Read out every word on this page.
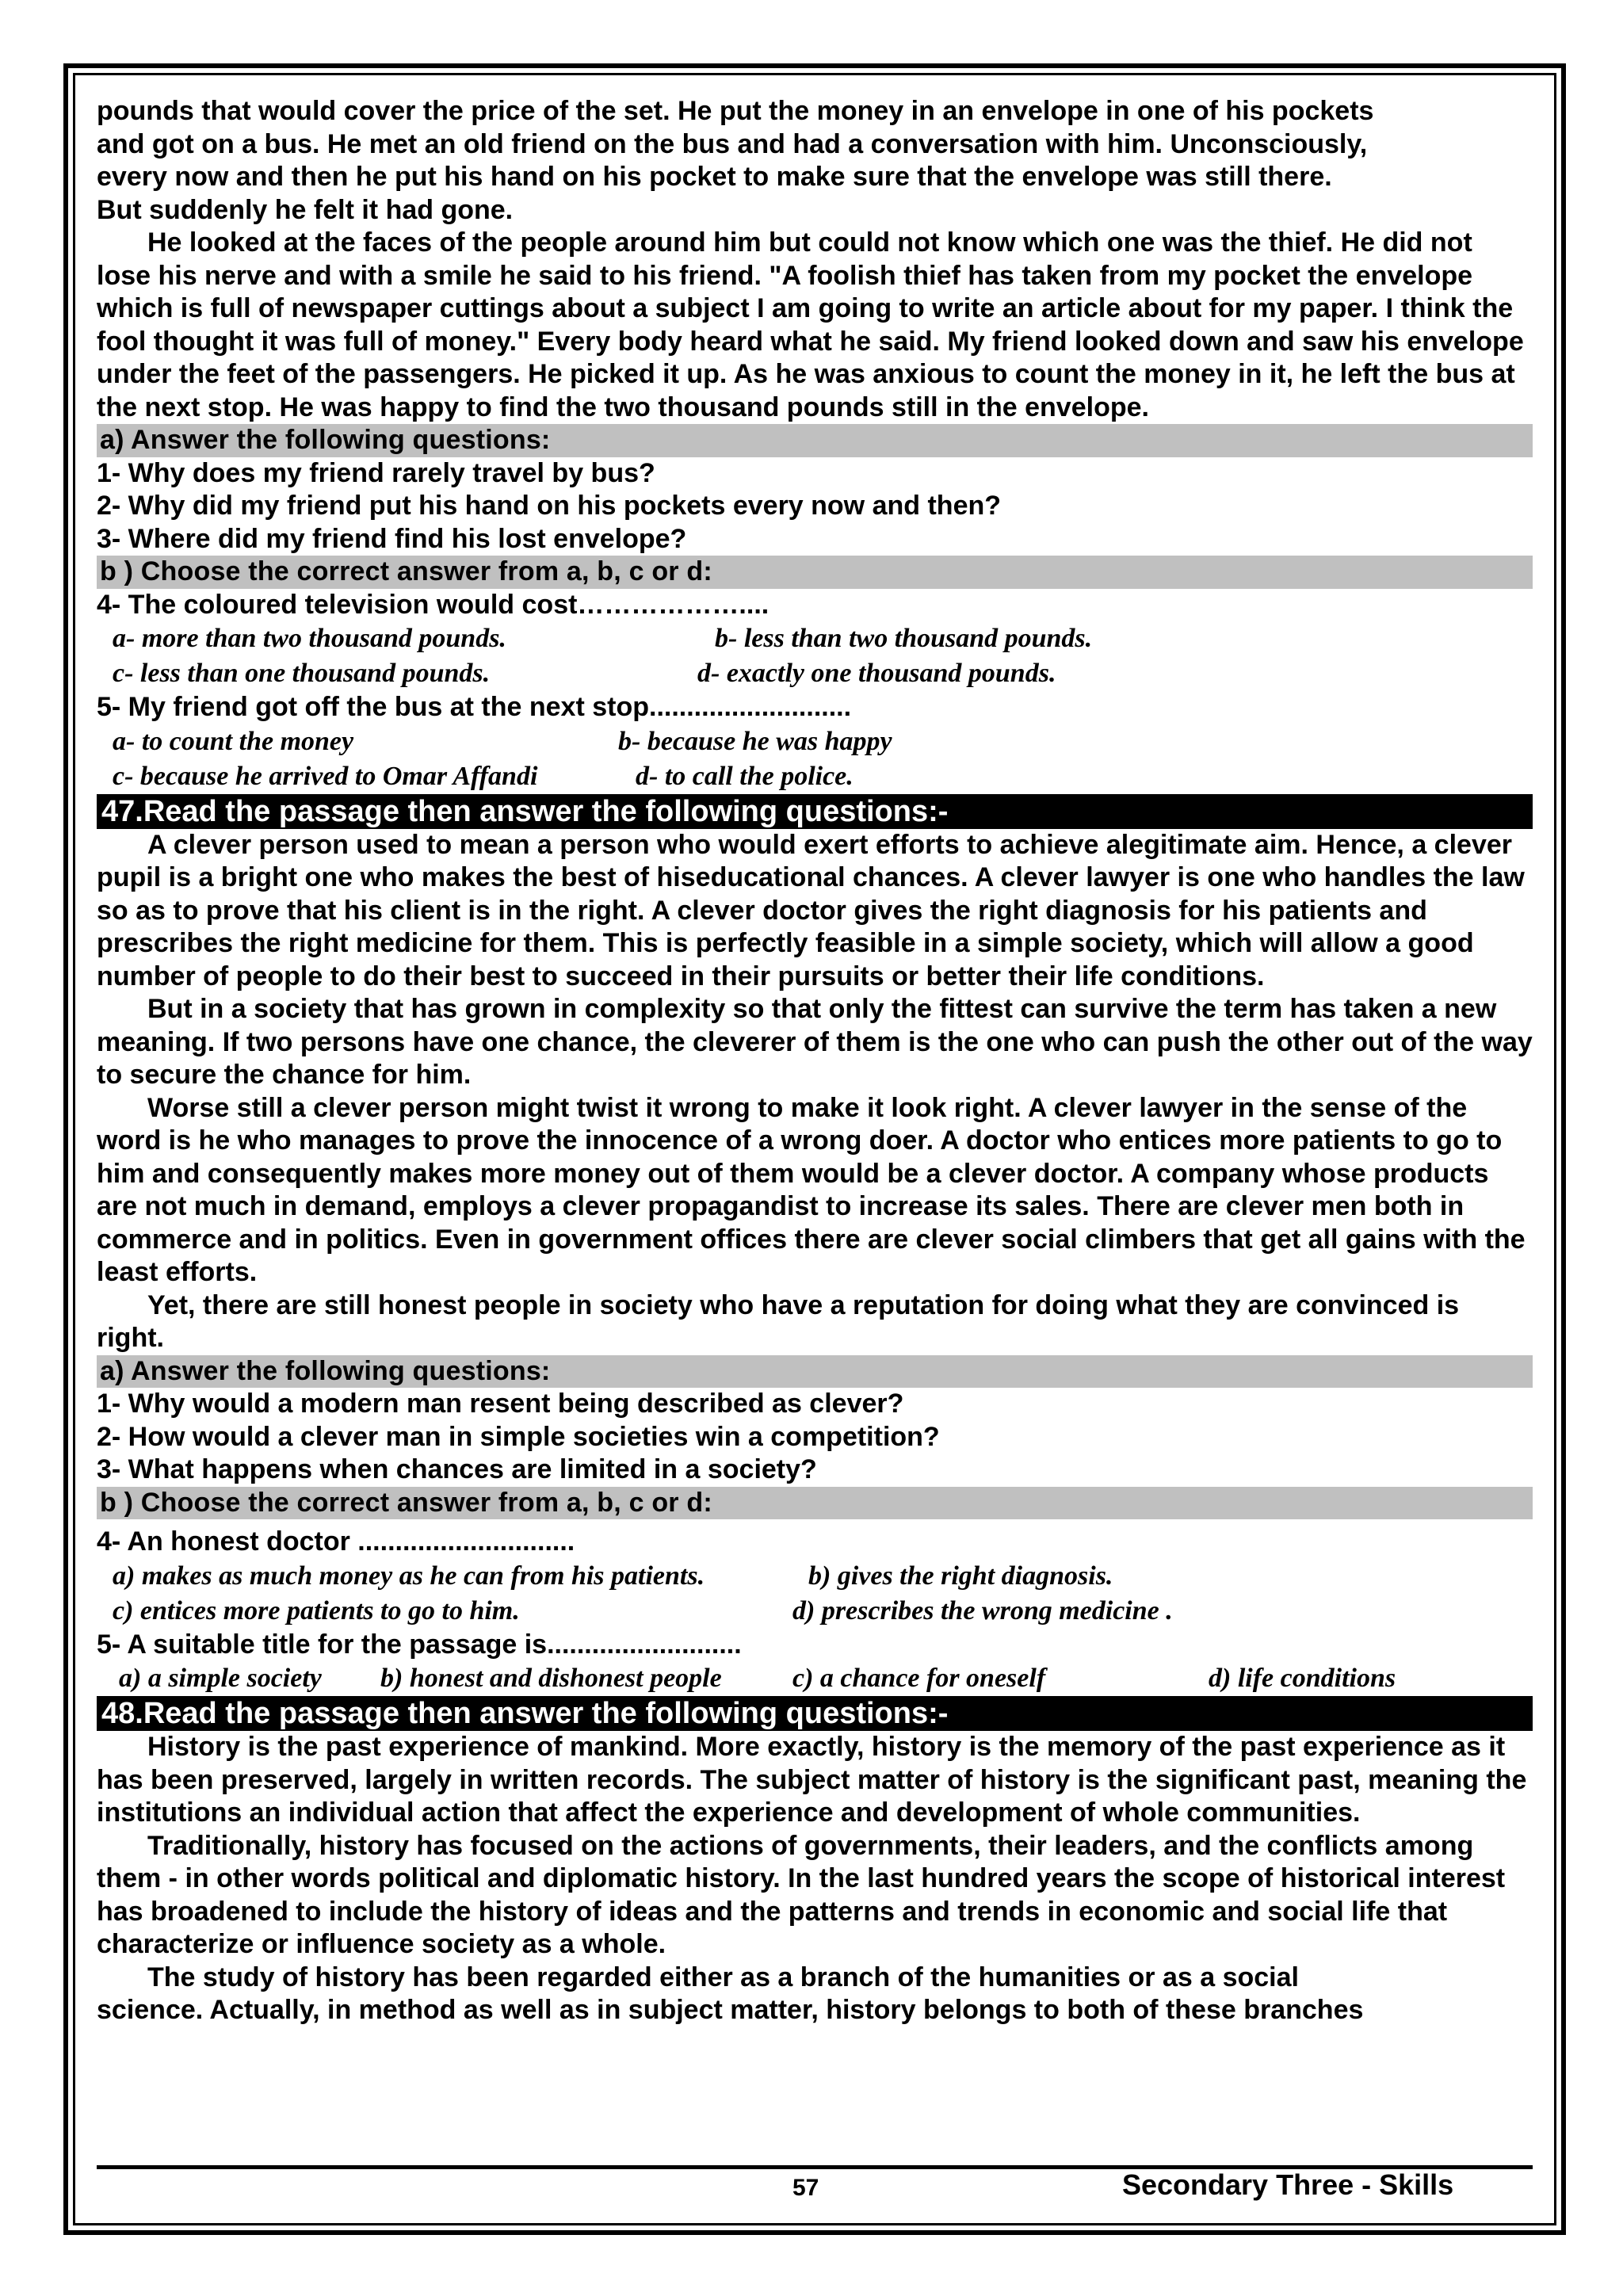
pounds that would cover the price of the set. He put the money in an envelope in one of his pockets

and got on a bus. He met an old friend on the bus and had a conversation with him. Unconsciously,

every now and then he put his hand on his pocket to make sure that the envelope was still there.

But suddenly he felt it had gone.

He looked at the faces of the people around him but could not know which one was the thief. He did not lose his nerve and with a smile he said to his friend. "A foolish thief has taken from my pocket the envelope which is full of newspaper cuttings about a subject I am going to write an article about for my paper. I think the fool thought it was full of money." Every body heard what he said. My friend looked down and saw his envelope under the feet of the passengers. He picked it up. As he was anxious to count the money in it, he left the bus at the next stop. He was happy to find the two thousand pounds still in the envelope.

a) Answer the following questions:

1- Why does my friend rarely travel by bus?

2- Why did my friend put his hand on his pockets every now and then?

3- Where did my friend find his lost envelope?

b ) Choose the correct answer from a, b, c or d:

4- The coloured television would cost………………....

a- more than two thousand pounds.	b- less than two thousand pounds.
c- less than one thousand pounds.	d- exactly one thousand pounds.

5- My friend got off the bus at the next stop...........................

a- to count the money	b- because he was happy
c- because he arrived to Omar Affandi	d- to call the police.

47.Read the passage then answer the following questions:-

A clever person used to mean a person who would exert efforts to achieve alegitimate aim. Hence, a clever pupil is a bright one who makes the best of hiseducational chances. A clever lawyer is one who handles the law so as to prove that his client is in the right. A clever doctor gives the right diagnosis for his patients and prescribes the right medicine for them. This is perfectly feasible in a simple society, which will allow a good number of people to do their best to succeed in their pursuits or better their life conditions.

But in a society that has grown in complexity so that only the fittest can survive the term has taken a new meaning. If two persons have one chance, the cleverer of them is the one who can push the other out of the way to secure the chance for him.

Worse still a clever person might twist it wrong to make it look right. A clever lawyer in the sense of the word is he who manages to prove the innocence of a wrong doer. A doctor who entices more patients to go to him and consequently makes more money out of them would be a clever doctor. A company whose products are not much in demand, employs a clever propagandist to increase its sales. There are clever men both in commerce and in politics. Even in government offices there are clever social climbers that get all gains with the least efforts.

Yet, there are still honest people in society who have a reputation for doing what they are convinced is right.

a) Answer the following questions:

1- Why would a modern man resent being described as clever?

2- How would a clever man in simple societies win a competition?

3- What happens when chances are limited in a society?

b ) Choose the correct answer from a, b, c or d:

4- An honest doctor .............................

a) makes as much money as he can from his patients.	b) gives the right diagnosis.
c) entices more patients to go to him.	d) prescribes the wrong medicine .

5- A suitable title for the passage is..........................

a) a simple society	b) honest and dishonest people	c) a chance for oneself	d) life conditions

48.Read the passage then answer the following questions:-

History is the past experience of mankind. More exactly, history is the memory of the past experience as it has been preserved, largely in written records. The subject matter of history is the significant past, meaning the institutions an individual action that affect the experience and development of whole communities.

Traditionally, history has focused on the actions of governments, their leaders, and the conflicts among them - in other words political and diplomatic history. In the last hundred years the scope of historical interest has broadened to include the history of ideas and the patterns and trends in economic and social life that characterize or influence society as a whole.

The study of history has been regarded either as a branch of the humanities or as a social

science. Actually, in method as well as in subject matter, history belongs to both of these branches

57	Secondary Three - Skills
